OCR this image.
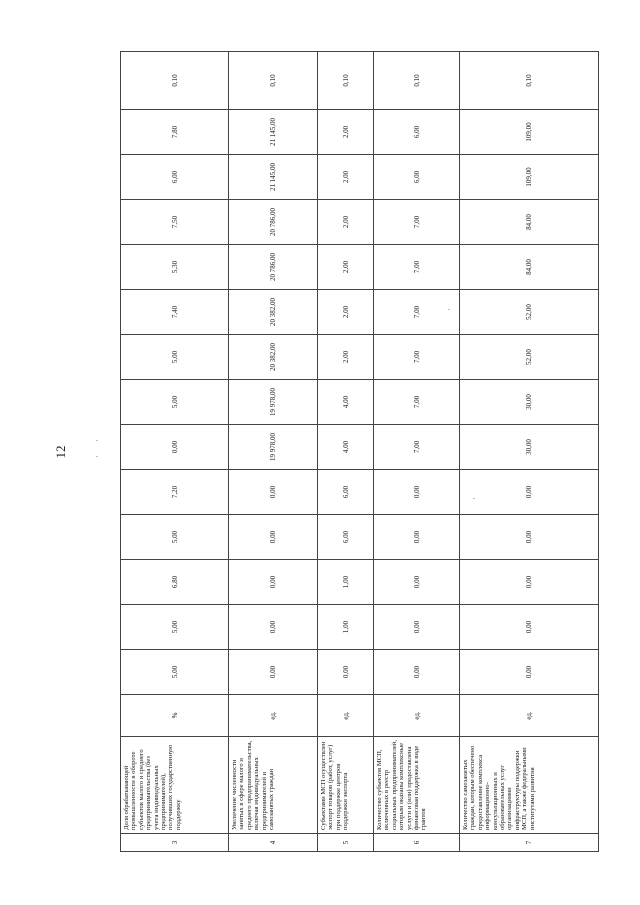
12
3	Доля обрабатывающей промышленности в обороте субъектов малого и среднего предпринимательства (без учета индивидуальных предпринимателей), получивших государственную поддержку	%	5,00	5,00	6,80	5,00	7,20	0,00	5,00	5,00	7,40	5,30	7,50	6,00	7,80	0,10
4	Увеличение численности занятых в сфере малого и среднего предпринимательства, включая индивидуальных предпринимателей и самозанятых граждан	ед.	0,00	0,00	0,00	0,00	0,00	19 978,00	19 978,00	20 382,00	20 382,00	20 786,00	20 786,00	21 145,00	21 145,00	0,10
5	Субъектами МСП осуществлен экспорт товаров (работ, услуг) при поддержке центров поддержки экспорта	ед.	0,00	1,00	1,00	6,00	6,00	4,00	4,00	2,00	2,00	2,00	2,00	2,00	2,00	0,10
6	Количество субъектов МСП, включенных в реестр социальных предпринимателей, которым оказаны комплексные услуги и (или) предоставлена финансовая поддержка в виде грантов	ед.	0,00	0,00	0,00	0,00	0,00	7,00	7,00	7,00	7,00	7,00	7,00	6,00	6,00	0,10
7	Количество самозанятых граждан, которым обеспечено предоставление комплекса информационно-консультационных и образовательных услуг организациями инфраструктуры поддержки МСП, а также федеральными институтами развития	ед.	0,00	0,00	0,00	0,00	0,00	30,00	30,00	52,00	52,00	84,00	84,00	109,00	109,00	0,10
